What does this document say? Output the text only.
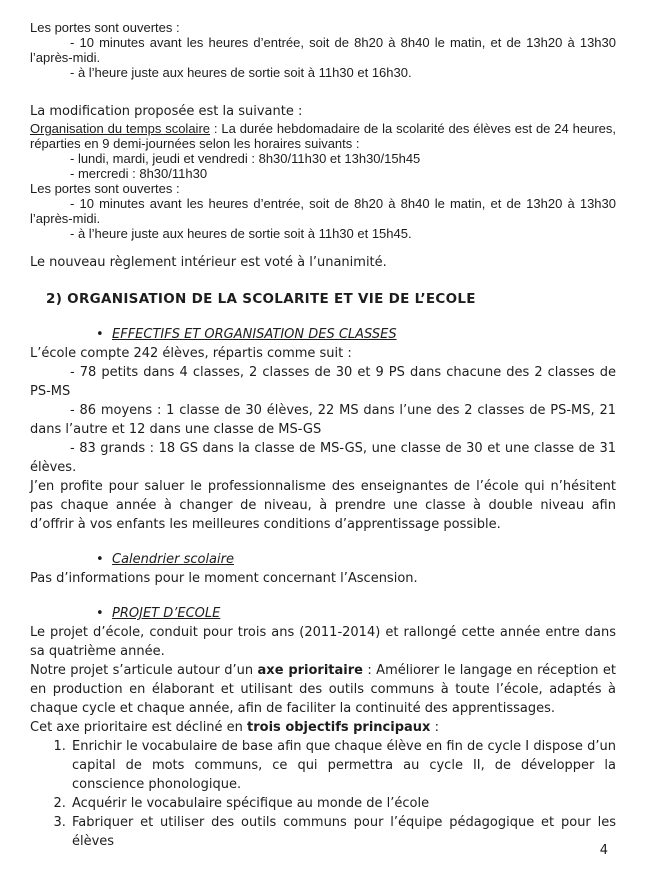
Les portes sont ouvertes :

- 10 minutes avant les heures d’entrée, soit de 8h20 à 8h40 le matin, et de 13h20 à 13h30 l’après-midi.

- à l’heure juste aux heures de sortie soit à 11h30 et 16h30.

La modification proposée est la suivante :

Organisation du temps scolaire : La durée hebdomadaire de la scolarité des élèves est de 24 heures, réparties en 9 demi-journées selon les horaires suivants :

- lundi, mardi, jeudi et vendredi : 8h30/11h30 et 13h30/15h45

- mercredi : 8h30/11h30

Les portes sont ouvertes :

- 10 minutes avant les heures d’entrée, soit de 8h20 à 8h40 le matin, et de 13h20 à 13h30 l’après-midi.

- à l’heure juste aux heures de sortie soit à 11h30 et 15h45.

Le nouveau règlement intérieur est voté à l’unanimité.

2) ORGANISATION DE LA SCOLARITE ET VIE DE L’ECOLE

• EFFECTIFS ET ORGANISATION DES CLASSES

L’école compte 242 élèves, répartis comme suit :

- 78 petits dans 4 classes, 2 classes de 30 et 9 PS dans chacune des 2 classes de PS-MS

- 86 moyens : 1 classe de 30 élèves, 22 MS dans l’une des 2 classes de PS-MS, 21 dans l’autre et 12 dans une classe de MS-GS

- 83 grands : 18 GS dans la classe de MS-GS, une classe de 30 et une classe de 31 élèves.

J’en profite pour saluer le professionnalisme des enseignantes de l’école qui n’hésitent pas chaque année à changer de niveau, à prendre une classe à double niveau afin d’offrir à vos enfants les meilleures conditions d’apprentissage possible.

• Calendrier scolaire

Pas d’informations pour le moment concernant l’Ascension.

• PROJET D’ECOLE

Le projet d’école, conduit pour trois ans (2011-2014) et rallongé cette année entre dans sa quatrième année.

Notre projet s’articule autour d’un axe prioritaire : Améliorer le langage en réception et en production en élaborant et utilisant des outils communs à toute l’école, adaptés à chaque cycle et chaque année, afin de faciliter la continuité des apprentissages.

Cet axe prioritaire est décliné en trois objectifs principaux :

1. Enrichir le vocabulaire de base afin que chaque élève en fin de cycle I dispose d’un capital de mots communs, ce qui permettra au cycle II, de développer la conscience phonologique.
2. Acquérir le vocabulaire spécifique au monde de l’école
3. Fabriquer et utiliser des outils communs pour l’équipe pédagogique et pour les élèves
4
